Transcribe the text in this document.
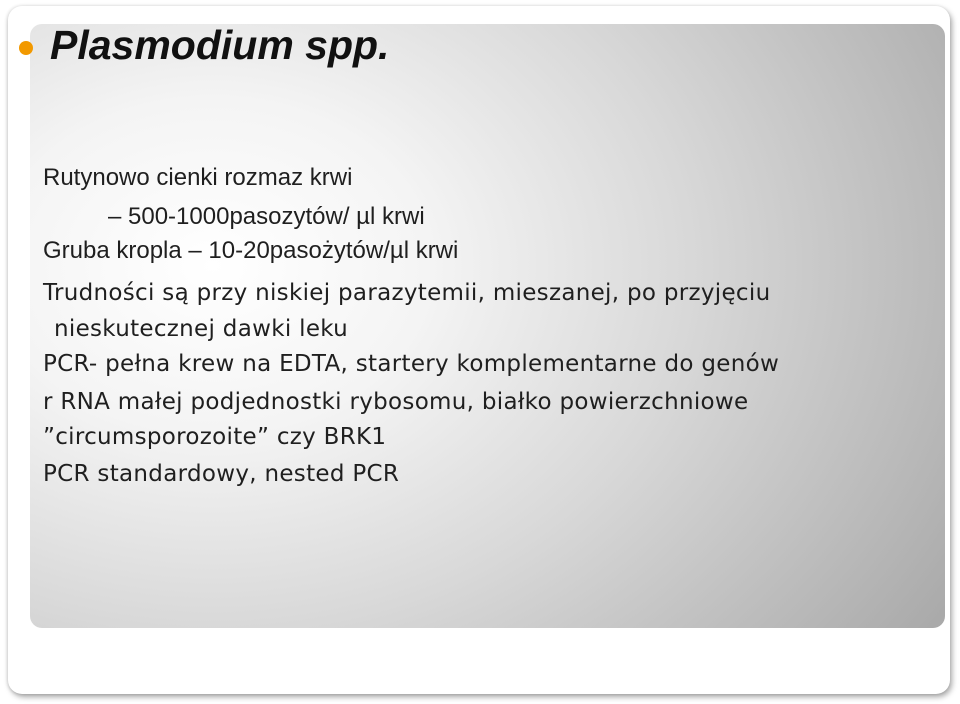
Plasmodium spp.

Rutynowo cienki rozmaz krwi

– 500-1000pasozytów/ µl krwi

Gruba kropla – 10-20pasożytów/µl krwi

Trudności są przy niskiej parazytemii, mieszanej, po przyjęciu

nieskutecznej dawki leku

PCR- pełna krew na EDTA, startery komplementarne do genów

r RNA małej podjednostki rybosomu, białko powierzchniowe

”circumsporozoite” czy BRK1

PCR standardowy, nested PCR
